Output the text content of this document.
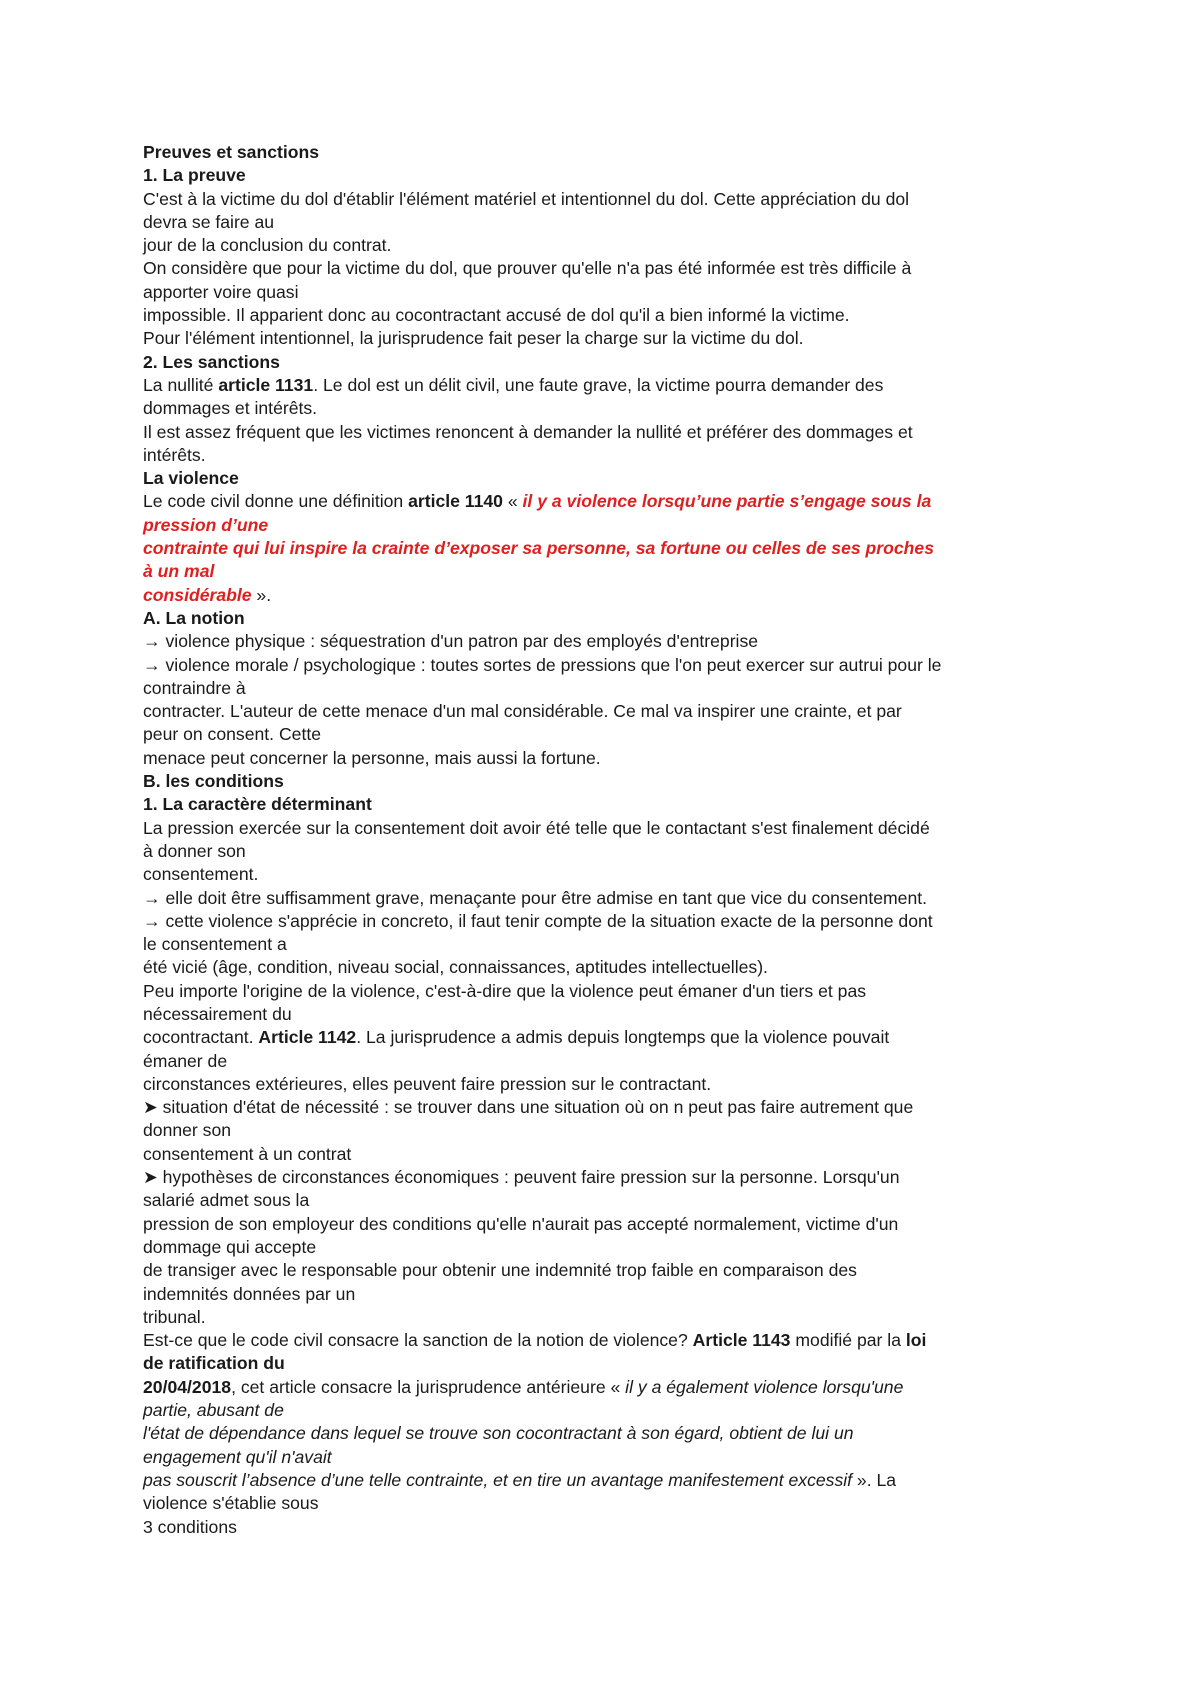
Preuves et sanctions
1. La preuve
C'est à la victime du dol d'établir l'élément matériel et intentionnel du dol. Cette appréciation du dol
devra se faire au
jour de la conclusion du contrat.
On considère que pour la victime du dol, que prouver qu'elle n'a pas été informée est très difficile à
apporter voire quasi
impossible. Il apparient donc au cocontractant accusé de dol qu'il a bien informé la victime.
Pour l'élément intentionnel, la jurisprudence fait peser la charge sur la victime du dol.
2. Les sanctions
La nullité article 1131. Le dol est un délit civil, une faute grave, la victime pourra demander des
dommages et intérêts.
Il est assez fréquent que les victimes renoncent à demander la nullité et préférer des dommages et
intérêts.
La violence
Le code civil donne une définition article 1140 « il y a violence lorsqu’une partie s’engage sous la
pression d’une
contrainte qui lui inspire la crainte d’exposer sa personne, sa fortune ou celles de ses proches
à un mal
considérable ».
A. La notion
→ violence physique : séquestration d'un patron par des employés d'entreprise
→ violence morale / psychologique : toutes sortes de pressions que l'on peut exercer sur autrui pour le
contraindre à
contracter. L'auteur de cette menace d'un mal considérable. Ce mal va inspirer une crainte, et par
peur on consent. Cette
menace peut concerner la personne, mais aussi la fortune.
B. les conditions
1. La caractère déterminant
La pression exercée sur la consentement doit avoir été telle que le contactant s'est finalement décidé
à donner son
consentement.
→ elle doit être suffisamment grave, menaçante pour être admise en tant que vice du consentement.
→ cette violence s'apprécie in concreto, il faut tenir compte de la situation exacte de la personne dont
le consentement a
été vicié (âge, condition, niveau social, connaissances, aptitudes intellectuelles).
Peu importe l'origine de la violence, c'est-à-dire que la violence peut émaner d'un tiers et pas
nécessairement du
cocontractant. Article 1142. La jurisprudence a admis depuis longtemps que la violence pouvait
émaner de
circonstances extérieures, elles peuvent faire pression sur le contractant.
➤ situation d'état de nécessité : se trouver dans une situation où on n peut pas faire autrement que
donner son
consentement à un contrat
➤ hypothèses de circonstances économiques : peuvent faire pression sur la personne. Lorsqu'un
salarié admet sous la
pression de son employeur des conditions qu'elle n'aurait pas accepté normalement, victime d'un
dommage qui accepte
de transiger avec le responsable pour obtenir une indemnité trop faible en comparaison des
indemnités données par un
tribunal.
Est-ce que le code civil consacre la sanction de la notion de violence? Article 1143 modifié par la loi
de ratification du
20/04/2018, cet article consacre la jurisprudence antérieure « il y a également violence lorsqu'une
partie, abusant de
l'état de dépendance dans lequel se trouve son cocontractant à son égard, obtient de lui un
engagement qu'il n'avait
pas souscrit l’absence d’une telle contrainte, et en tire un avantage manifestement excessif ». La
violence s'établie sous
3 conditions
